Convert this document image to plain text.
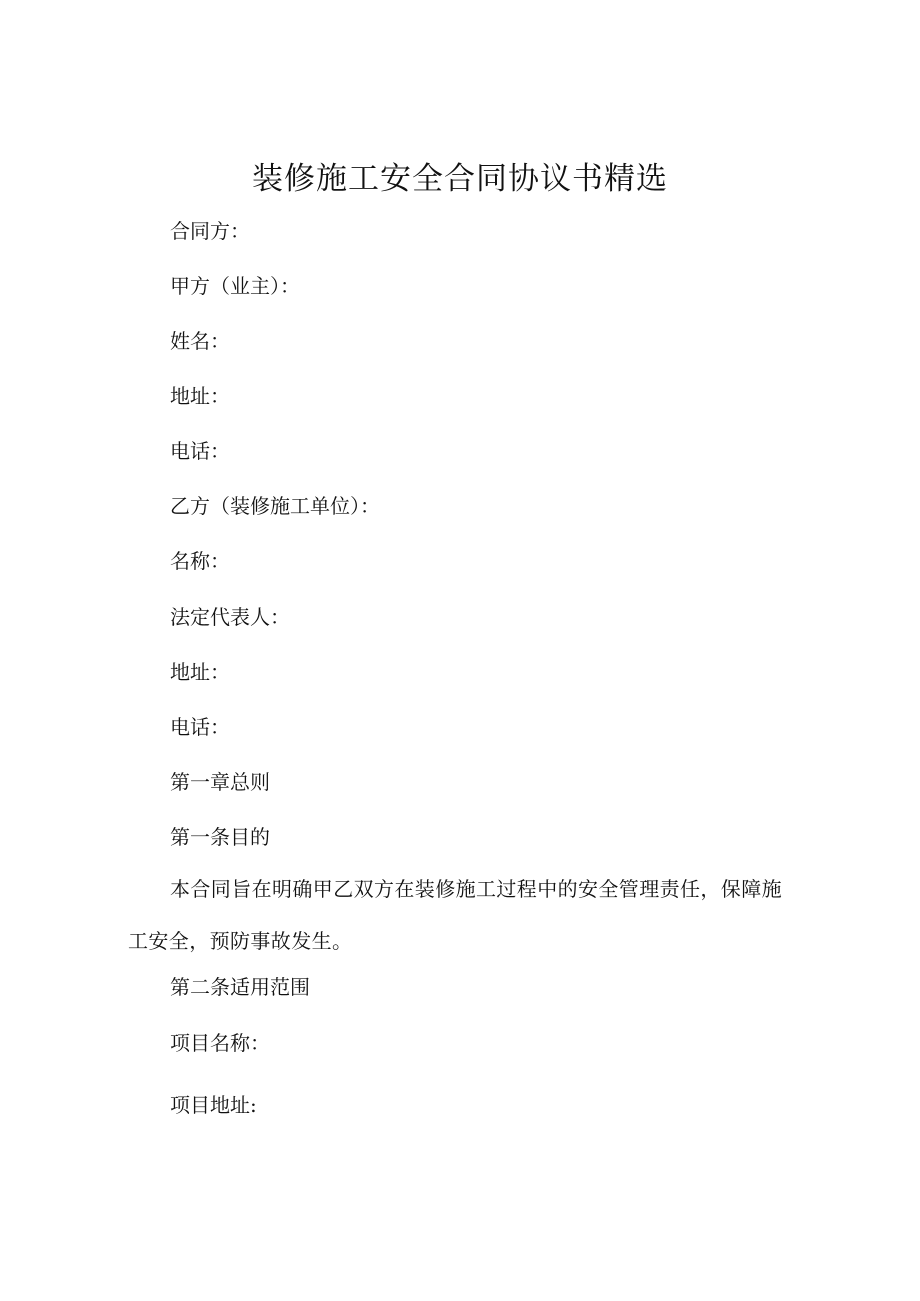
装修施工安全合同协议书精选

合同方：

甲方（业主）：

姓名：

地址：

电话：

乙方（装修施工单位）：

名称：

法定代表人：

地址：

电话：

第一章总则

第一条目的

本合同旨在明确甲乙双方在装修施工过程中的安全管理责任，保障施工安全，预防事故发生。

第二条适用范围

项目名称：

项目地址:
